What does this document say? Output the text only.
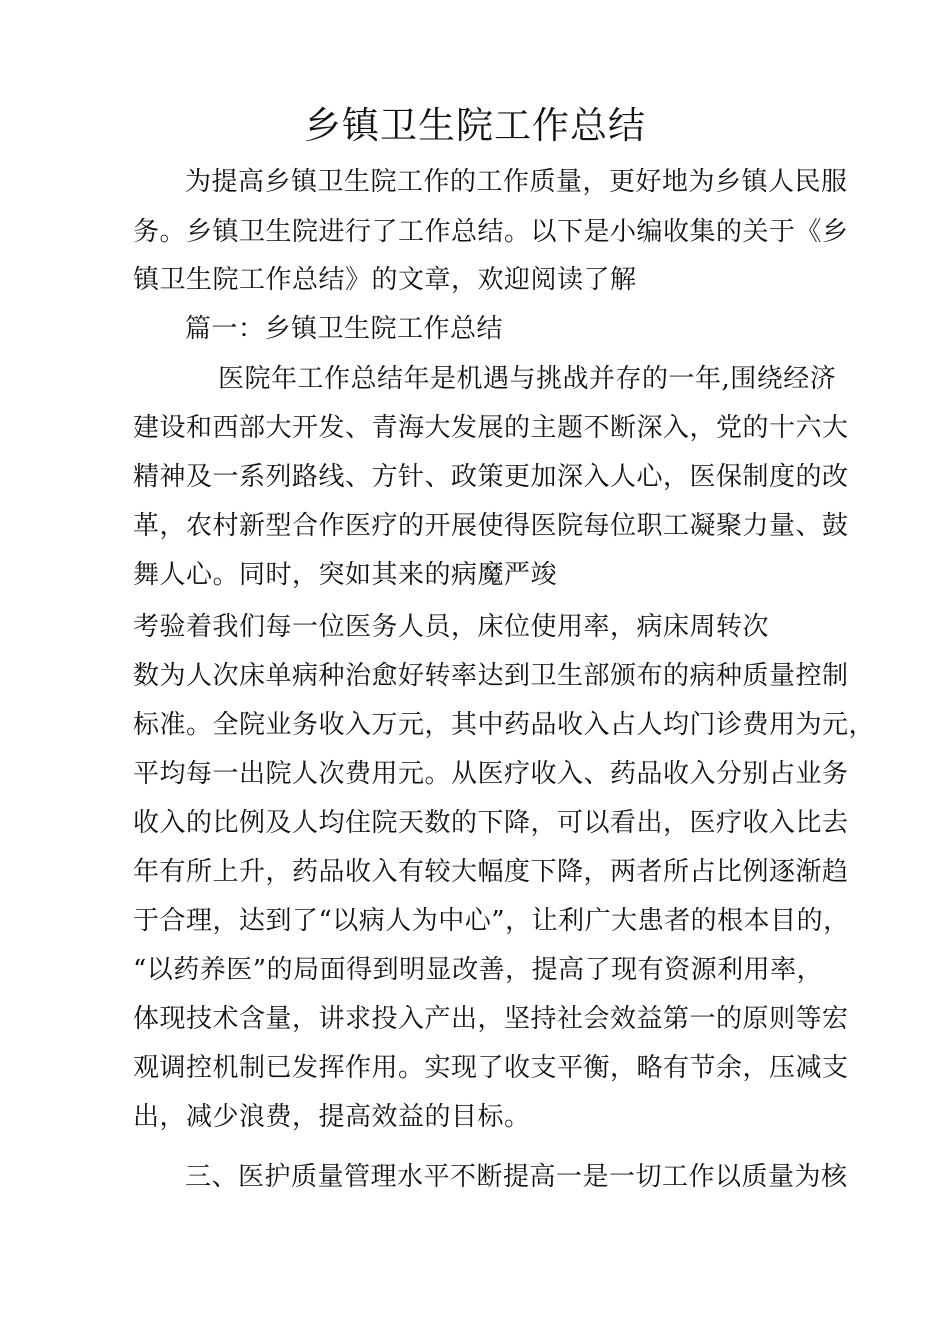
乡镇卫生院工作总结
为提高乡镇卫生院工作的工作质量，更好地为乡镇人民服
务。乡镇卫生院进行了工作总结。以下是小编收集的关于《乡
镇卫生院工作总结》的文章，欢迎阅读了解
篇一：乡镇卫生院工作总结
医院年工作总结年是机遇与挑战并存的一年,围绕经济
建设和西部大开发、青海大发展的主题不断深入，党的十六大
精神及一系列路线、方针、政策更加深入人心，医保制度的改
革，农村新型合作医疗的开展使得医院每位职工凝聚力量、鼓
舞人心。同时，突如其来的病魔严竣
考验着我们每一位医务人员，床位使用率，病床周转次
数为人次床单病种治愈好转率达到卫生部颁布的病种质量控制
标准。全院业务收入万元，其中药品收入占人均门诊费用为元，
平均每一出院人次费用元。从医疗收入、药品收入分别占业务
收入的比例及人均住院天数的下降，可以看出，医疗收入比去
年有所上升，药品收入有较大幅度下降，两者所占比例逐渐趋
于合理，达到了“以病人为中心”，让利广大患者的根本目的，
“以药养医”的局面得到明显改善，提高了现有资源利用率，
体现技术含量，讲求投入产出，坚持社会效益第一的原则等宏
观调控机制已发挥作用。实现了收支平衡，略有节余，压减支
出，减少浪费，提高效益的目标。
三、医护质量管理水平不断提高一是一切工作以质量为核
